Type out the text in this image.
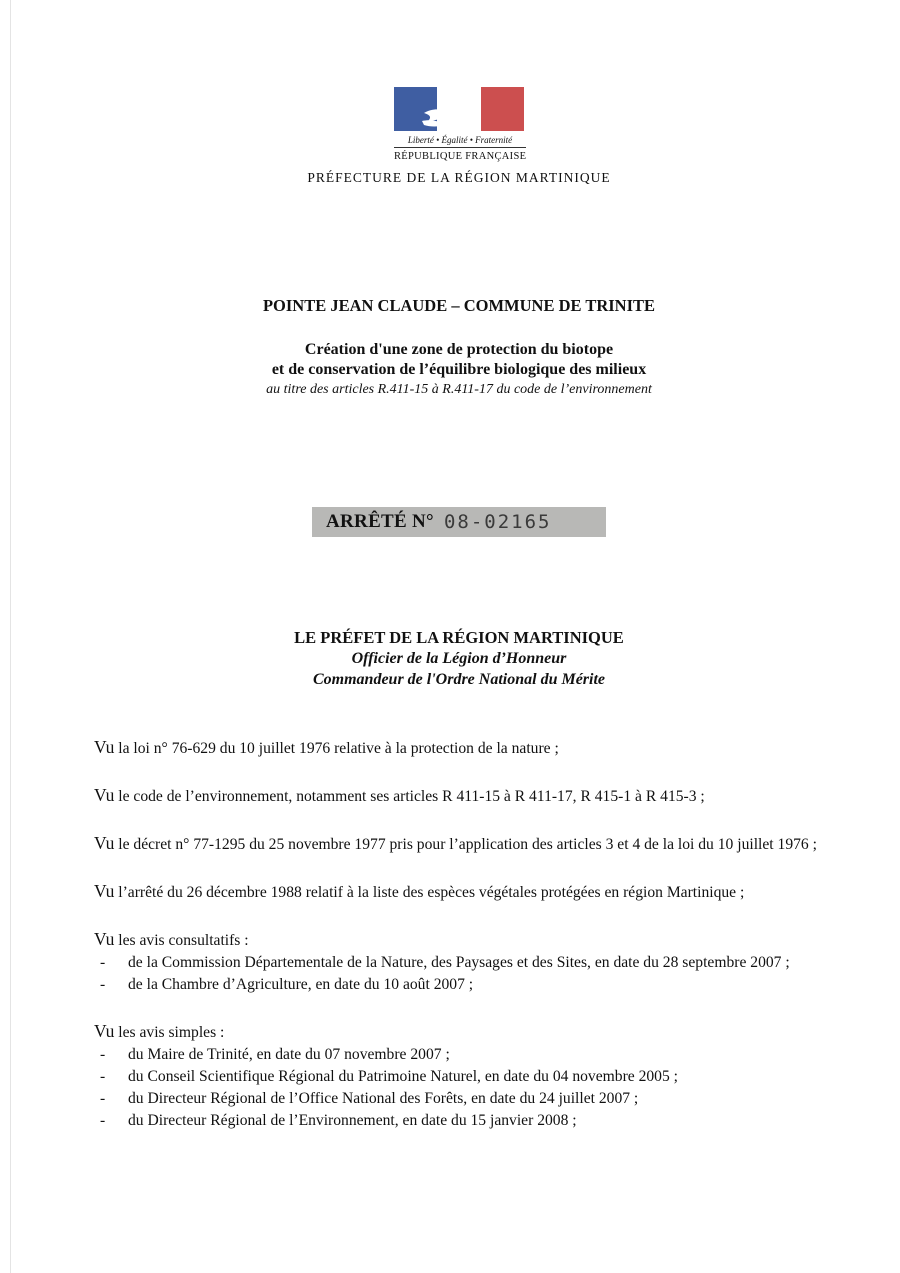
Liberté • Égalité • Fraternité
RÉPUBLIQUE FRANÇAISE
PRÉFECTURE DE LA RÉGION MARTINIQUE
POINTE JEAN CLAUDE – COMMUNE DE TRINITE
Création d'une zone de protection du biotope
et de conservation de l’équilibre biologique des milieux
au titre des articles R.411-15 à R.411-17 du code de l’environnement
ARRÊTÉ N° 08-02165
LE PRÉFET DE LA RÉGION MARTINIQUE
Officier de la Légion d’Honneur
Commandeur de l'Ordre National du Mérite

Vu la loi n° 76-629 du 10 juillet 1976 relative à la protection de la nature ;

Vu le code de l’environnement, notamment ses articles R 411-15 à R 411-17, R 415-1 à R 415-3 ;

Vu le décret n° 77-1295 du 25 novembre 1977 pris pour l’application des articles 3 et 4 de la loi du 10 juillet 1976 ;

Vu l’arrêté du 26 décembre 1988 relatif à la liste des espèces végétales protégées en région Martinique ;

Vu les avis consultatifs :

-	de la Commission Départementale de la Nature, des Paysages et des Sites, en date du 28 septembre 2007 ;
-	de la Chambre d’Agriculture, en date du 10 août 2007 ;

Vu les avis simples :

-	du Maire de Trinité, en date du 07 novembre 2007 ;
-	du Conseil Scientifique Régional du Patrimoine Naturel, en date du 04 novembre 2005 ;
-	du Directeur Régional de l’Office National des Forêts, en date du 24 juillet 2007 ;
-	du Directeur Régional de l’Environnement, en date du 15 janvier 2008 ;
